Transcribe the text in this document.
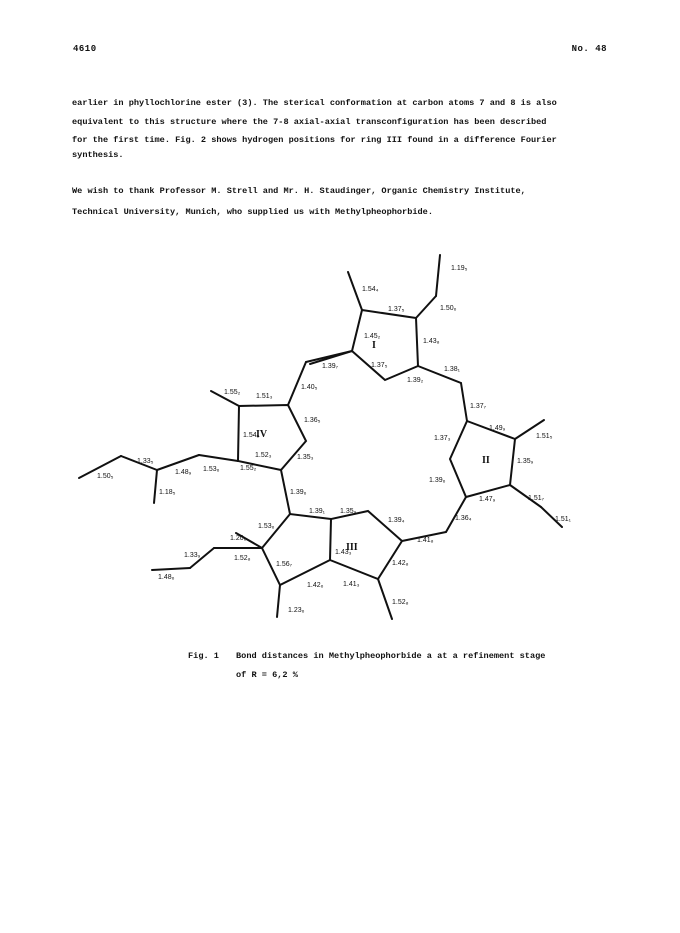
4610	No. 48

earlier in phyllochlorine ester (3). The sterical conformation at carbon atoms 7 and 8 is also

equivalent to this structure where the 7-8 axial-axial transconfiguration has been described

for the first time. Fig. 2 shows hydrogen positions for ring III found in a difference Fourier

synthesis.

We wish to thank Professor M. Strell and Mr. H. Staudinger, Organic Chemistry Institute,

Technical University, Munich, who supplied us with Methylpheophorbide.

I
II
III
IV
1.19₅
1.54₄
1.37₅	1.50₆
1.45₂
1.43₈
1.39₇	1.37₅
1.39₂
1.38₁
1.40₅
1.55₂
1.51₃
1.36₅
1.37₇
1.54₉	1.37₃
1.49₉
1.51₅
1.52₃	1.35₃
1.33₅
1.48₉ 1.53₆	1.55₂
1.50₅
1.18₅	1.39₆
1.35₉
1.47₉	1.51₇
1.39₆
1.39₁ 1.35₉
1.39₄	1.36₄	1.51₁
1.53₆
1.20₆
1.52₈
1.33₉
1.48₆
1.56₇
1.43₃
1.41₈
1.42₈
1.42₆	1.41₃
1.23₆
1.52₈
Fig. 1 Bond distances in Methylpheophorbide a at a refinement stage
of R = 6,2 %
